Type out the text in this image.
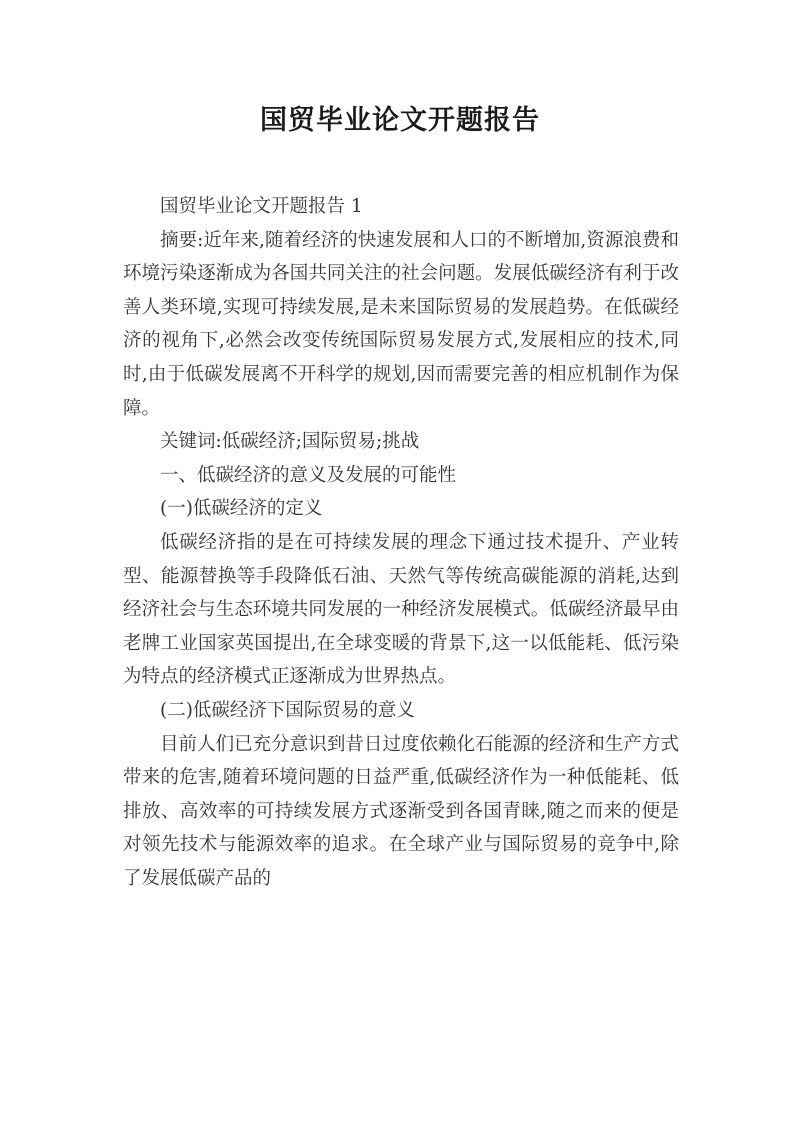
国贸毕业论文开题报告

国贸毕业论文开题报告 1

摘要:近年来,随着经济的快速发展和人口的不断增加,资源浪费和环境污染逐渐成为各国共同关注的社会问题。发展低碳经济有利于改善人类环境,实现可持续发展,是未来国际贸易的发展趋势。在低碳经济的视角下,必然会改变传统国际贸易发展方式,发展相应的技术,同时,由于低碳发展离不开科学的规划,因而需要完善的相应机制作为保障。

关键词:低碳经济;国际贸易;挑战

一、低碳经济的意义及发展的可能性

(一)低碳经济的定义

低碳经济指的是在可持续发展的理念下通过技术提升、产业转型、能源替换等手段降低石油、天然气等传统高碳能源的消耗,达到经济社会与生态环境共同发展的一种经济发展模式。低碳经济最早由老牌工业国家英国提出,在全球变暖的背景下,这一以低能耗、低污染为特点的经济模式正逐渐成为世界热点。

(二)低碳经济下国际贸易的意义

目前人们已充分意识到昔日过度依赖化石能源的经济和生产方式带来的危害,随着环境问题的日益严重,低碳经济作为一种低能耗、低排放、高效率的可持续发展方式逐渐受到各国青睐,随之而来的便是对领先技术与能源效率的追求。在全球产业与国际贸易的竞争中,除了发展低碳产品的
